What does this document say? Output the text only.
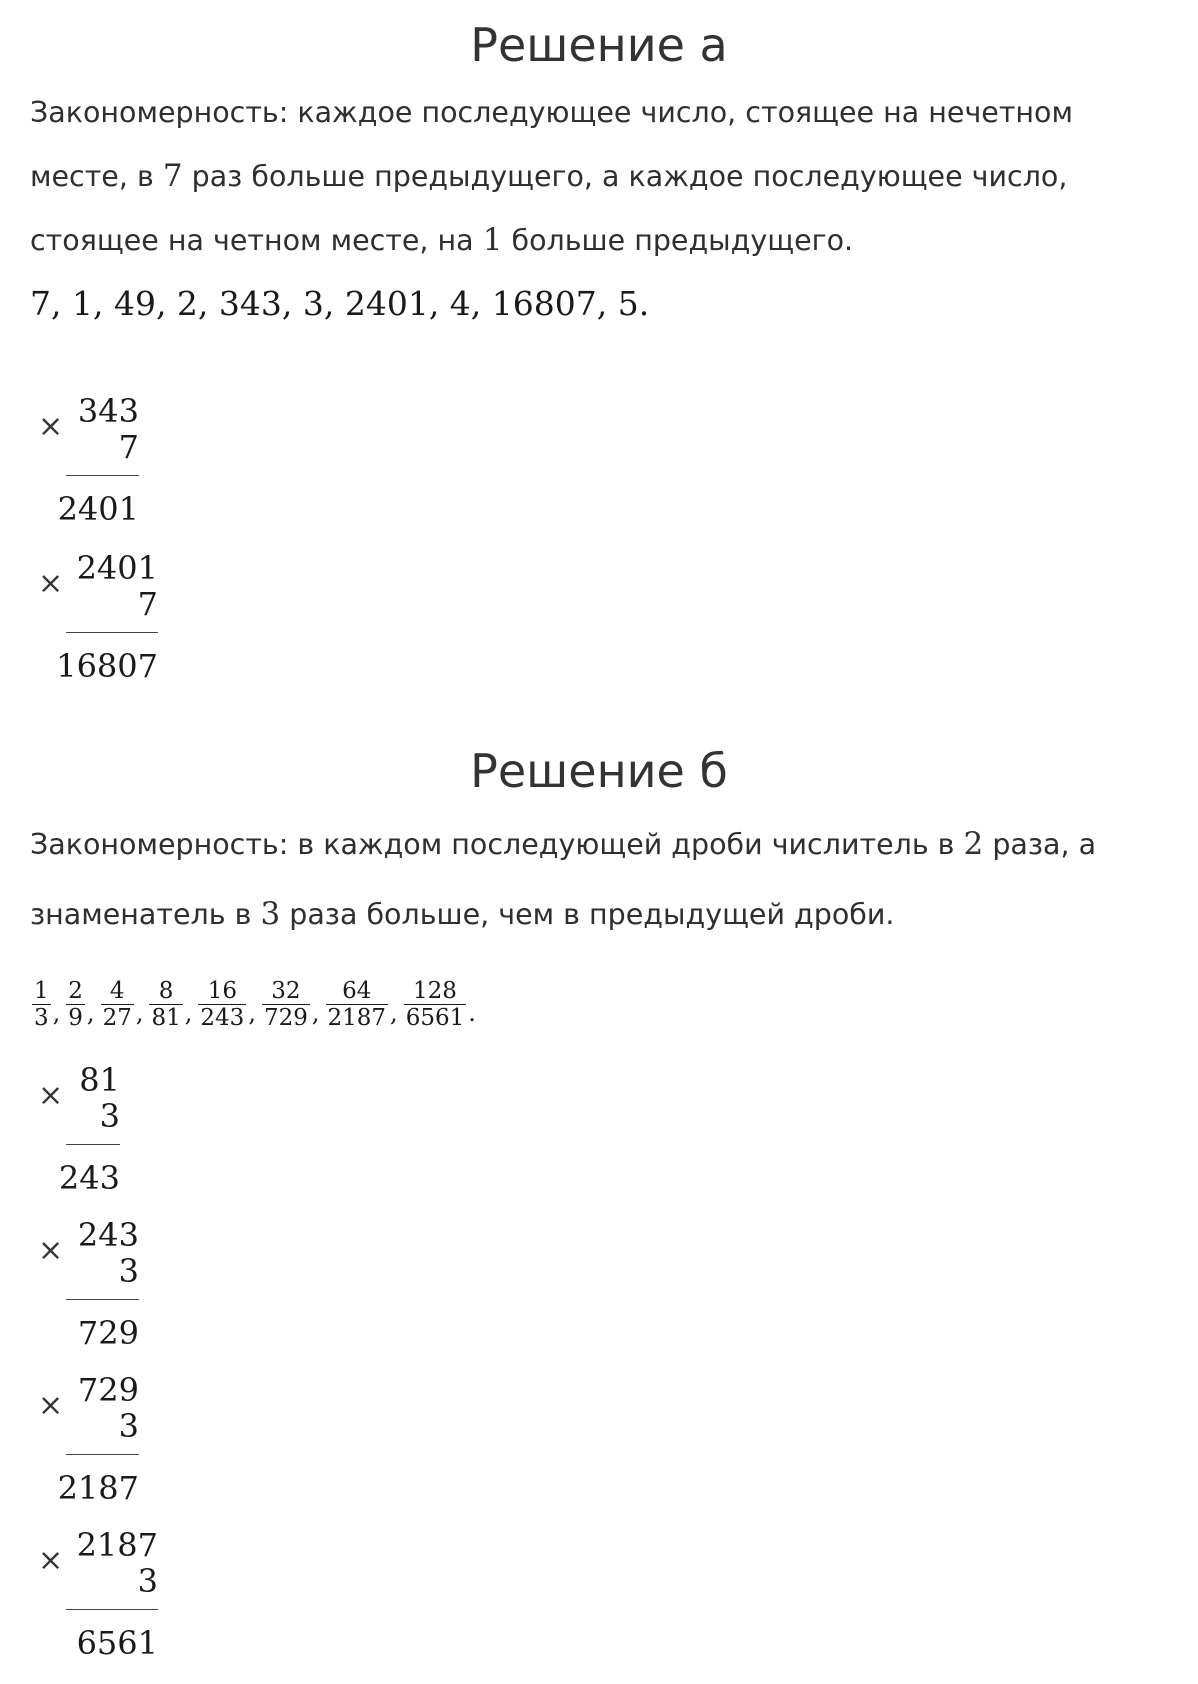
Решение а
Закономерность: каждое последующее число, стоящее на нечетном
месте, в 7 раз больше предыдущего, а каждое последующее число,
стоящее на четном месте, на 1 больше предыдущего.
7, 1, 49, 2, 343, 3, 2401, 4, 16807, 5.
× 343
7
2401
× 2401
7
16807
Решение б
Закономерность: в каждом последующей дроби числитель в 2 раза, а
знаменатель в 3 раза больше, чем в предыдущей дроби.
$\frac{1}{3}$ , $\frac{2}{9}$ , $\frac{4}{27}$ , $\frac{8}{81}$ , $\frac{16}{243}$ , $\frac{32}{729}$ , $\frac{64}{2187}$ , $\frac{128}{6561}$ .
× 81
3
243
× 243
3
729
× 729
3
2187
× 2187
3
6561
